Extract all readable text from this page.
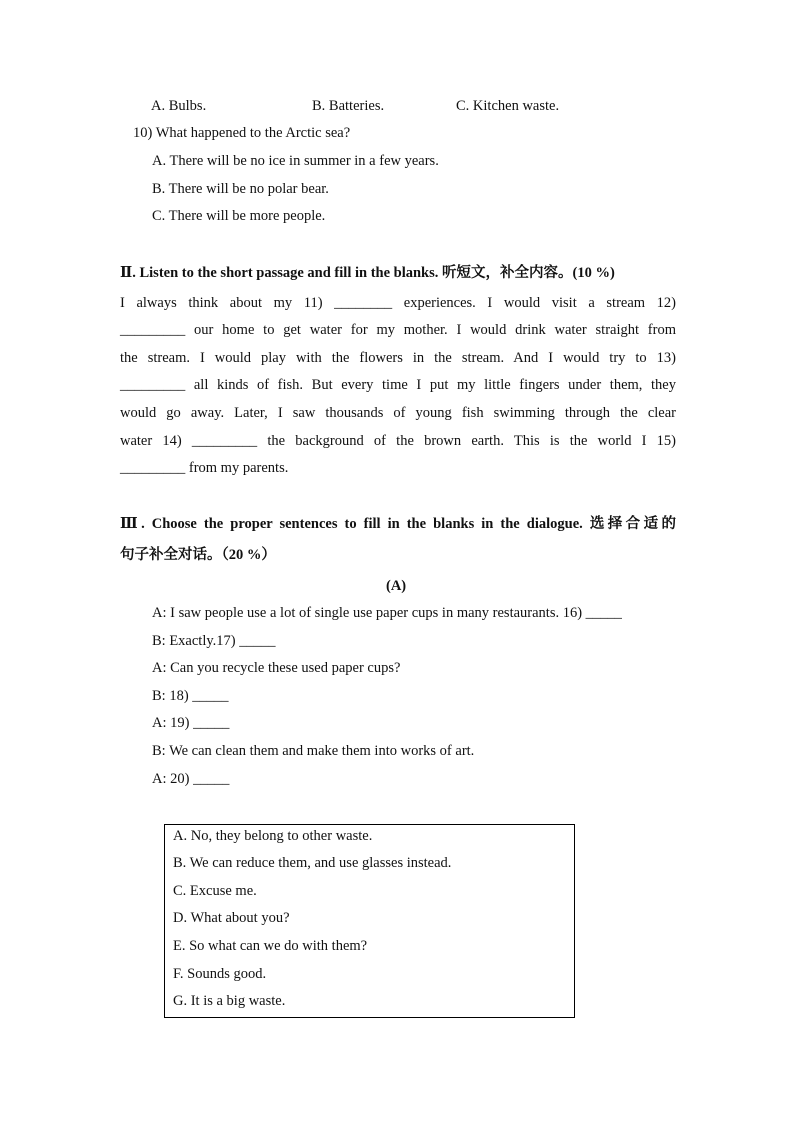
A. Bulbs.	B. Batteries.	C. Kitchen waste.
10) What happened to the Arctic sea?
A. There will be no ice in summer in a few years.
B. There will be no polar bear.
C. There will be more people.
Ⅱ. Listen to the short passage and fill in the blanks. 听短文，补全内容。(10 %)
I always think about my 11) ________ experiences. I would visit a stream 12)
_________ our home to get water for my mother. I would drink water straight from
the stream. I would play with the flowers in the stream. And I would try to 13)
_________ all kinds of fish. But every time I put my little fingers under them, they
would go away. Later, I saw thousands of young fish swimming through the clear
water 14) _________ the background of the brown earth. This is the world I 15)
_________ from my parents.
Ⅲ. Choose the proper sentences to fill in the blanks in the dialogue. 选择合适的
句子补全对话。（20 %）
(A)
A: I saw people use a lot of single use paper cups in many restaurants. 16) _____
B: Exactly.17) _____
A: Can you recycle these used paper cups?
B: 18) _____
A: 19) _____
B: We can clean them and make them into works of art.
A: 20) _____
A. No, they belong to other waste.
B. We can reduce them, and use glasses instead.
C. Excuse me.
D. What about you?
E. So what can we do with them?
F. Sounds good.
G. It is a big waste.
